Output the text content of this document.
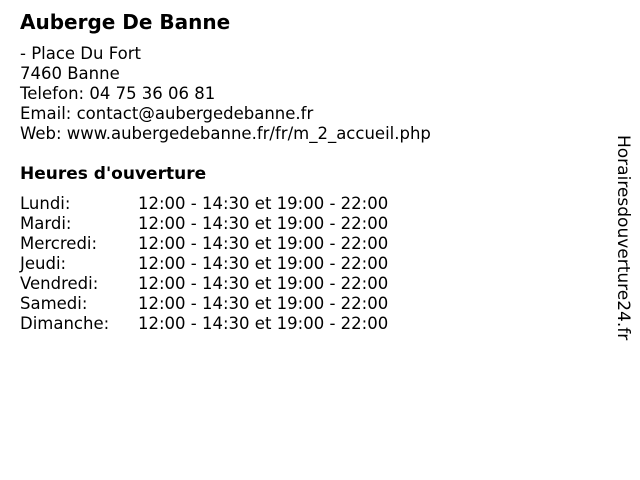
Auberge De Banne
- Place Du Fort
7460 Banne
Telefon: 04 75 36 06 81
Email: contact@aubergedebanne.fr
Web: www.aubergedebanne.fr/fr/m_2_accueil.php
Heures d'ouverture
Lundi:	12:00 - 14:30 et 19:00 - 22:00
Mardi:	12:00 - 14:30 et 19:00 - 22:00
Mercredi:	12:00 - 14:30 et 19:00 - 22:00
Jeudi:	12:00 - 14:30 et 19:00 - 22:00
Vendredi:	12:00 - 14:30 et 19:00 - 22:00
Samedi:	12:00 - 14:30 et 19:00 - 22:00
Dimanche:	12:00 - 14:30 et 19:00 - 22:00	Horairesdouverture24.fr
